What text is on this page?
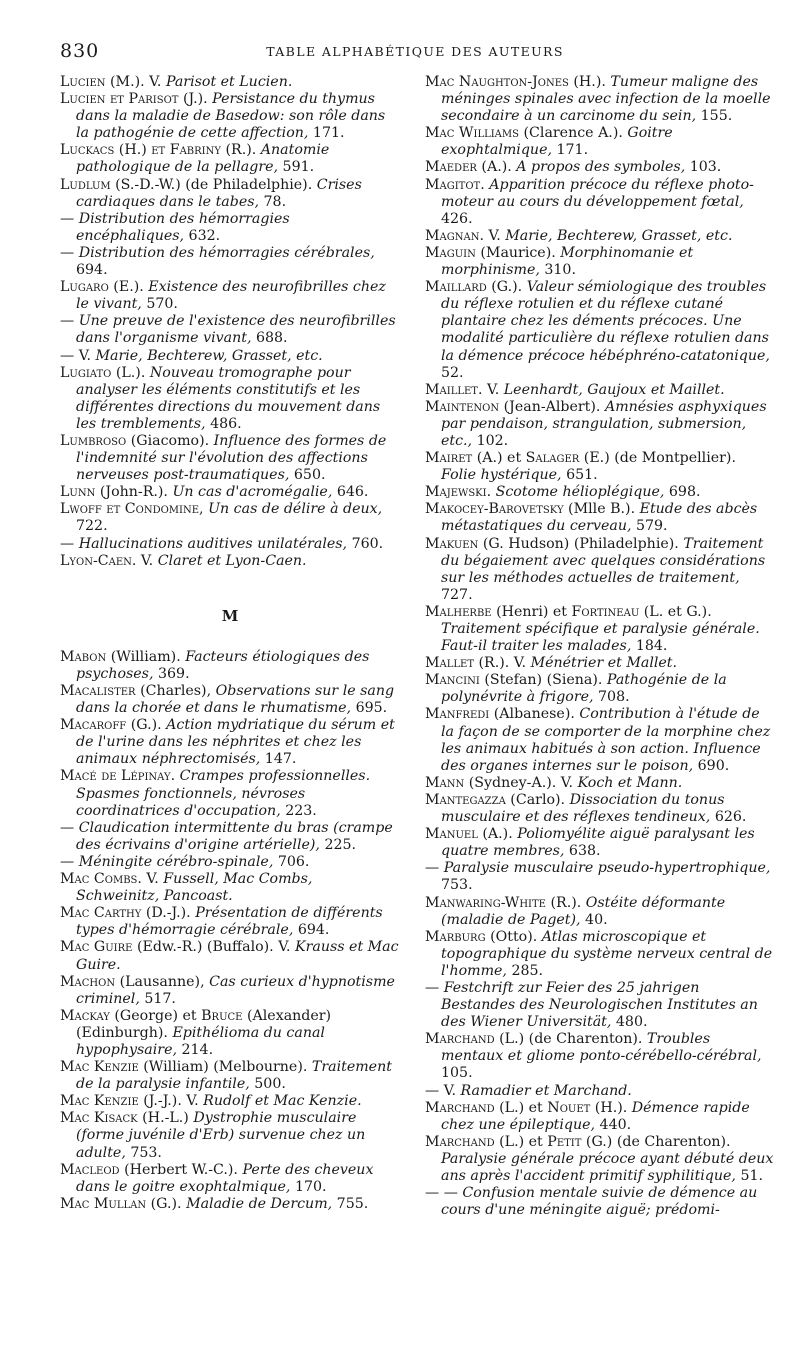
830	TABLE ALPHABÉTIQUE DES AUTEURS

Lucien (M.). V. Parisot et Lucien.

Lucien et Parisot (J.). Persistance du thymus dans la maladie de Basedow: son rôle dans la pathogénie de cette affection, 171.

Luckacs (H.) et Fabriny (R.). Anatomie pathologique de la pellagre, 591.

Ludlum (S.-D.-W.) (de Philadelphie). Crises cardiaques dans le tabes, 78.

— Distribution des hémorragies encéphaliques, 632.

— Distribution des hémorragies cérébrales, 694.

Lugaro (E.). Existence des neurofibrilles chez le vivant, 570.

— Une preuve de l'existence des neurofibrilles dans l'organisme vivant, 688.

— V. Marie, Bechterew, Grasset, etc.

Lugiato (L.). Nouveau tromographe pour analyser les éléments constitutifs et les différentes directions du mouvement dans les tremblements, 486.

Lumbroso (Giacomo). Influence des formes de l'indemnité sur l'évolution des affections nerveuses post-traumatiques, 650.

Lunn (John-R.). Un cas d'acromégalie, 646.

Lwoff et Condomine, Un cas de délire à deux, 722.

— Hallucinations auditives unilatérales, 760.

Lyon-Caen. V. Claret et Lyon-Caen.

M

Mabon (William). Facteurs étiologiques des psychoses, 369.

Macalister (Charles), Observations sur le sang dans la chorée et dans le rhumatisme, 695.

Macaroff (G.). Action mydriatique du sérum et de l'urine dans les néphrites et chez les animaux néphrectomisés, 147.

Macé de Lépinay. Crampes professionnelles. Spasmes fonctionnels, névroses coordinatrices d'occupation, 223.

— Claudication intermittente du bras (crampe des écrivains d'origine artérielle), 225.

— Méningite cérébro-spinale, 706.

Mac Combs. V. Fussell, Mac Combs, Schweinitz, Pancoast.

Mac Carthy (D.-J.). Présentation de différents types d'hémorragie cérébrale, 694.

Mac Guire (Edw.-R.) (Buffalo). V. Krauss et Mac Guire.

Machon (Lausanne), Cas curieux d'hypnotisme criminel, 517.

Mackay (George) et Bruce (Alexander) (Edinburgh). Epithélioma du canal hypophysaire, 214.

Mac Kenzie (William) (Melbourne). Traitement de la paralysie infantile, 500.

Mac Kenzie (J.-J.). V. Rudolf et Mac Kenzie.

Mac Kisack (H.-L.) Dystrophie musculaire (forme juvénile d'Erb) survenue chez un adulte, 753.

Macleod (Herbert W.-C.). Perte des cheveux dans le goitre exophtalmique, 170.

Mac Mullan (G.). Maladie de Dercum, 755.

Mac Naughton-Jones (H.). Tumeur maligne des méninges spinales avec infection de la moelle secondaire à un carcinome du sein, 155.

Mac Williams (Clarence A.). Goitre exophtalmique, 171.

Maeder (A.). A propos des symboles, 103.

Magitot. Apparition précoce du réflexe photo-moteur au cours du développement fœtal, 426.

Magnan. V. Marie, Bechterew, Grasset, etc.

Maguin (Maurice). Morphinomanie et morphinisme, 310.

Maillard (G.). Valeur sémiologique des troubles du réflexe rotulien et du réflexe cutané plantaire chez les déments précoces. Une modalité particulière du réflexe rotulien dans la démence précoce hébéphréno-catatonique, 52.

Maillet. V. Leenhardt, Gaujoux et Maillet.

Maintenon (Jean-Albert). Amnésies asphyxiques par pendaison, strangulation, submersion, etc., 102.

Mairet (A.) et Salager (E.) (de Montpellier). Folie hystérique, 651.

Majewski. Scotome hélioplégique, 698.

Makocey-Barovetsky (Mlle B.). Etude des abcès métastatiques du cerveau, 579.

Makuen (G. Hudson) (Philadelphie). Traitement du bégaiement avec quelques considérations sur les méthodes actuelles de traitement, 727.

Malherbe (Henri) et Fortineau (L. et G.). Traitement spécifique et paralysie générale. Faut-il traiter les malades, 184.

Mallet (R.). V. Ménétrier et Mallet.

Mancini (Stefan) (Siena). Pathogénie de la polynévrite à frigore, 708.

Manfredi (Albanese). Contribution à l'étude de la façon de se comporter de la morphine chez les animaux habitués à son action. Influence des organes internes sur le poison, 690.

Mann (Sydney-A.). V. Koch et Mann.

Mantegazza (Carlo). Dissociation du tonus musculaire et des réflexes tendineux, 626.

Manuel (A.). Poliomyélite aiguë paralysant les quatre membres, 638.

— Paralysie musculaire pseudo-hypertrophique, 753.

Manwaring-White (R.). Ostéite déformante (maladie de Paget), 40.

Marburg (Otto). Atlas microscopique et topographique du système nerveux central de l'homme, 285.

— Festchrift zur Feier des 25 jahrigen Bestandes des Neurologischen Institutes an des Wiener Universität, 480.

Marchand (L.) (de Charenton). Troubles mentaux et gliome ponto-cérébello-cérébral, 105.

— V. Ramadier et Marchand.

Marchand (L.) et Nouet (H.). Démence rapide chez une épileptique, 440.

Marchand (L.) et Petit (G.) (de Charenton). Paralysie générale précoce ayant débuté deux ans après l'accident primitif syphilitique, 51.

— — Confusion mentale suivie de démence au cours d'une méningite aiguë; prédomi-
